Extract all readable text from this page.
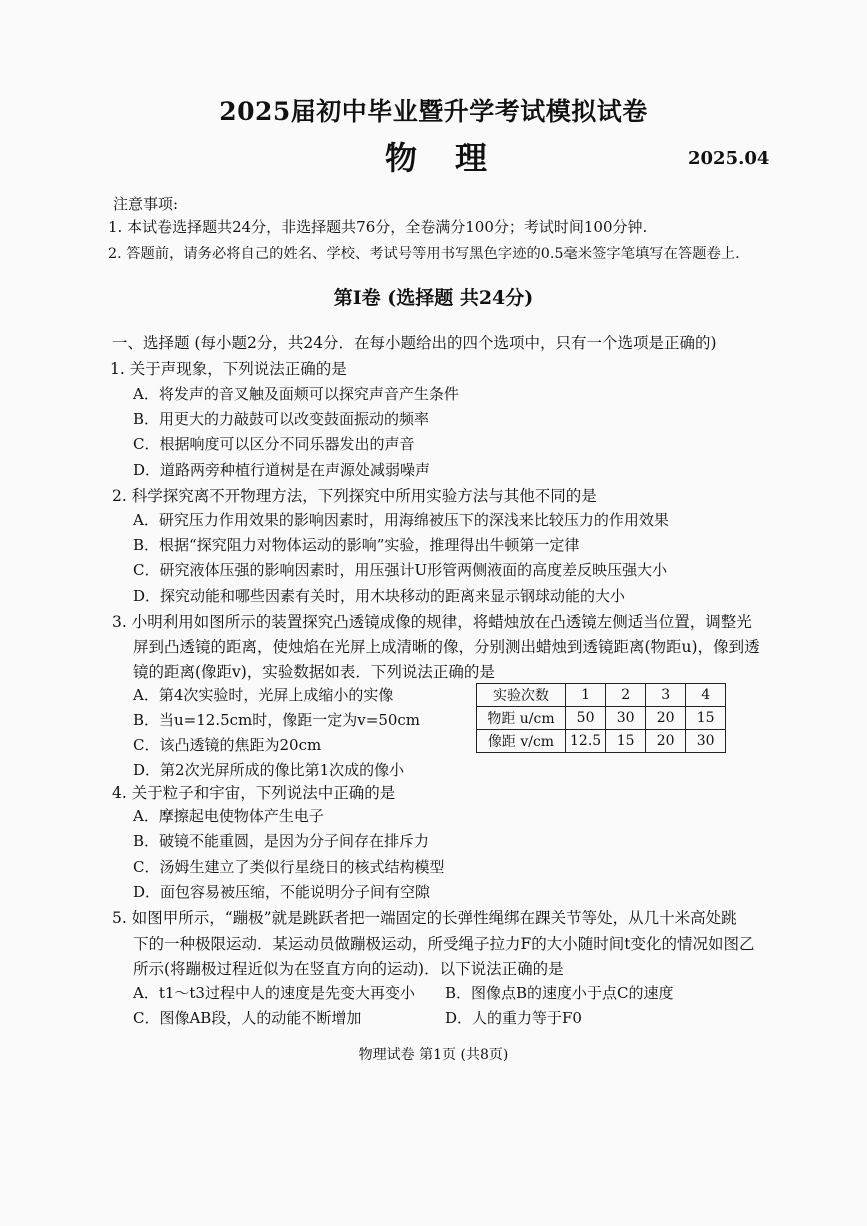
2025届初中毕业暨升学考试模拟试卷
物理	2025.04
注意事项:
1. 本试卷选择题共24分，非选择题共76分，全卷满分100分；考试时间100分钟.
2. 答题前，请务必将自己的姓名、学校、考试号等用书写黑色字迹的0.5毫米签字笔填写在答题卷上.
第Ⅰ卷 (选择题 共24分)
一、选择题 (每小题2分，共24分．在每小题给出的四个选项中，只有一个选项是正确的)
1. 关于声现象，下列说法正确的是
A．将发声的音叉触及面颊可以探究声音产生条件
B．用更大的力敲鼓可以改变鼓面振动的频率
C．根据响度可以区分不同乐器发出的声音
D．道路两旁种植行道树是在声源处减弱噪声
2. 科学探究离不开物理方法，下列探究中所用实验方法与其他不同的是
A．研究压力作用效果的影响因素时，用海绵被压下的深浅来比较压力的作用效果
B．根据“探究阻力对物体运动的影响”实验，推理得出牛顿第一定律
C．研究液体压强的影响因素时，用压强计U形管两侧液面的高度差反映压强大小
D．探究动能和哪些因素有关时，用木块移动的距离来显示钢球动能的大小
3. 小明利用如图所示的装置探究凸透镜成像的规律，将蜡烛放在凸透镜左侧适当位置，调整光
屏到凸透镜的距离，使烛焰在光屏上成清晰的像，分别测出蜡烛到透镜距离(物距u)，像到透
镜的距离(像距v)，实验数据如表．下列说法正确的是
A．第4次实验时，光屏上成缩小的实像
B．当u=12.5cm时，像距一定为v=50cm
C．该凸透镜的焦距为20cm
D．第2次光屏所成的像比第1次成的像小
实验次数	1	2	3	4
物距 u/cm	50	30	20	15
像距 v/cm	12.5	15	20	30
4. 关于粒子和宇宙，下列说法中正确的是
A．摩擦起电使物体产生电子
B．破镜不能重圆，是因为分子间存在排斥力
C．汤姆生建立了类似行星绕日的核式结构模型
D．面包容易被压缩，不能说明分子间有空隙
5. 如图甲所示，“蹦极”就是跳跃者把一端固定的长弹性绳绑在踝关节等处，从几十米高处跳
下的一种极限运动．某运动员做蹦极运动，所受绳子拉力F的大小随时间t变化的情况如图乙
所示(将蹦极过程近似为在竖直方向的运动)．以下说法正确的是
A．t1～t3过程中人的速度是先变大再变小 B．图像点B的速度小于点C的速度
C．图像AB段，人的动能不断增加	D．人的重力等于F0
物理试卷 第1页 (共8页)
